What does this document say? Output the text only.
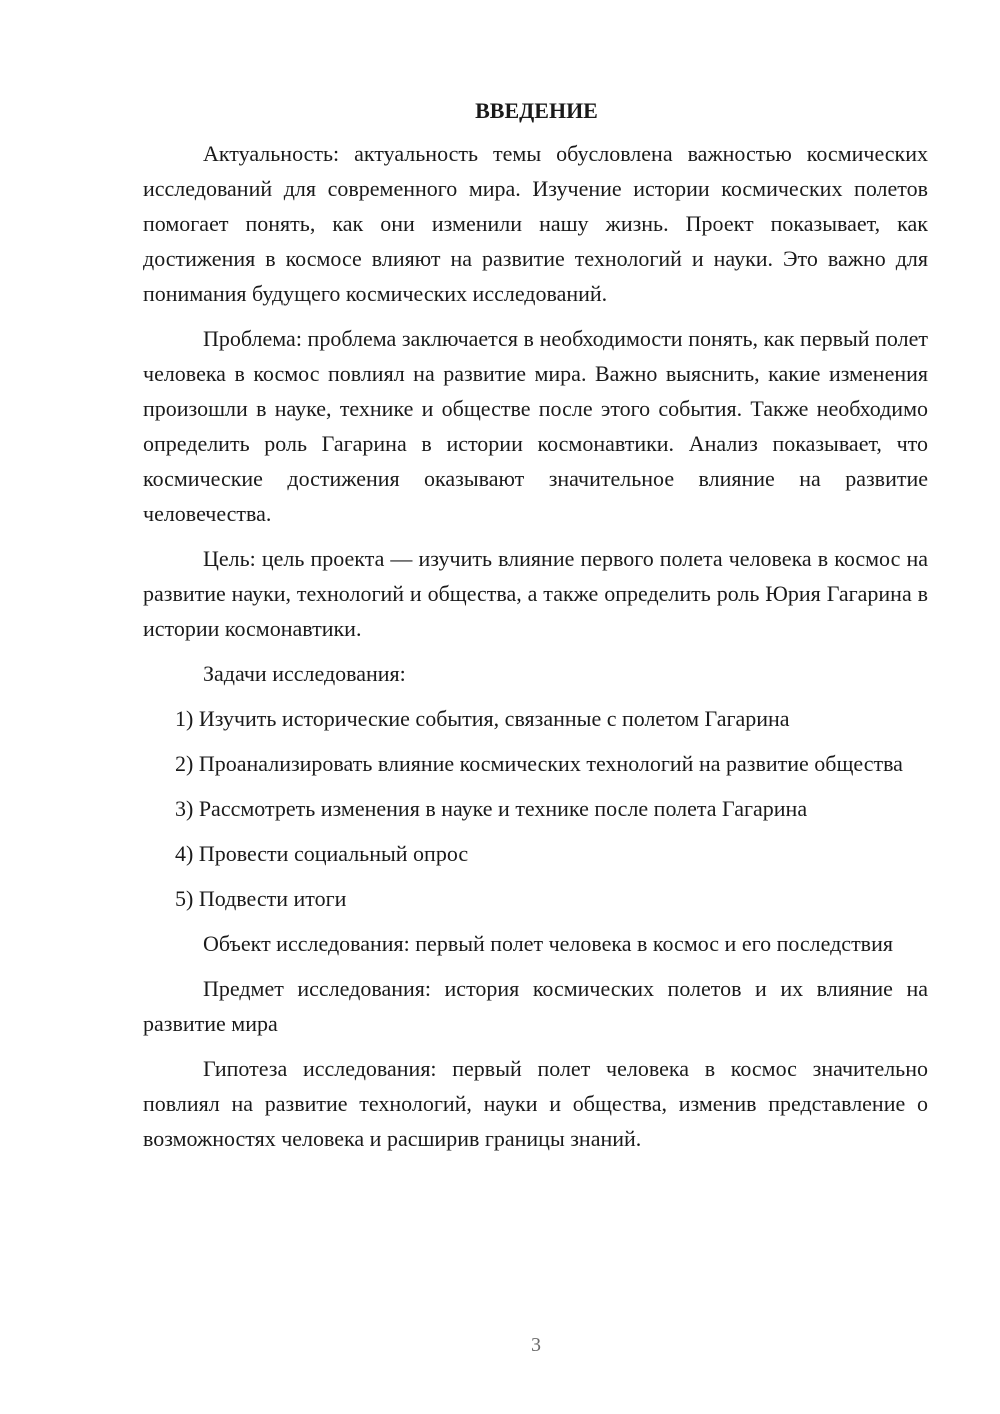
ВВЕДЕНИЕ

Актуальность: актуальность темы обусловлена важностью космических исследований для современного мира. Изучение истории космических полетов помогает понять, как они изменили нашу жизнь. Проект показывает, как достижения в космосе влияют на развитие технологий и науки. Это важно для понимания будущего космических исследований.

Проблема: проблема заключается в необходимости понять, как первый полет человека в космос повлиял на развитие мира. Важно выяснить, какие изменения произошли в науке, технике и обществе после этого события. Также необходимо определить роль Гагарина в истории космонавтики. Анализ показывает, что космические достижения оказывают значительное влияние на развитие человечества.

Цель: цель проекта — изучить влияние первого полета человека в космос на развитие науки, технологий и общества, а также определить роль Юрия Гагарина в истории космонавтики.

Задачи исследования:

1) Изучить исторические события, связанные с полетом Гагарина

2) Проанализировать влияние космических технологий на развитие общества

3) Рассмотреть изменения в науке и технике после полета Гагарина

4) Провести социальный опрос

5) Подвести итоги

Объект исследования: первый полет человека в космос и его последствия

Предмет исследования: история космических полетов и их влияние на развитие мира

Гипотеза исследования: первый полет человека в космос значительно повлиял на развитие технологий, науки и общества, изменив представление о возможностях человека и расширив границы знаний.

3
